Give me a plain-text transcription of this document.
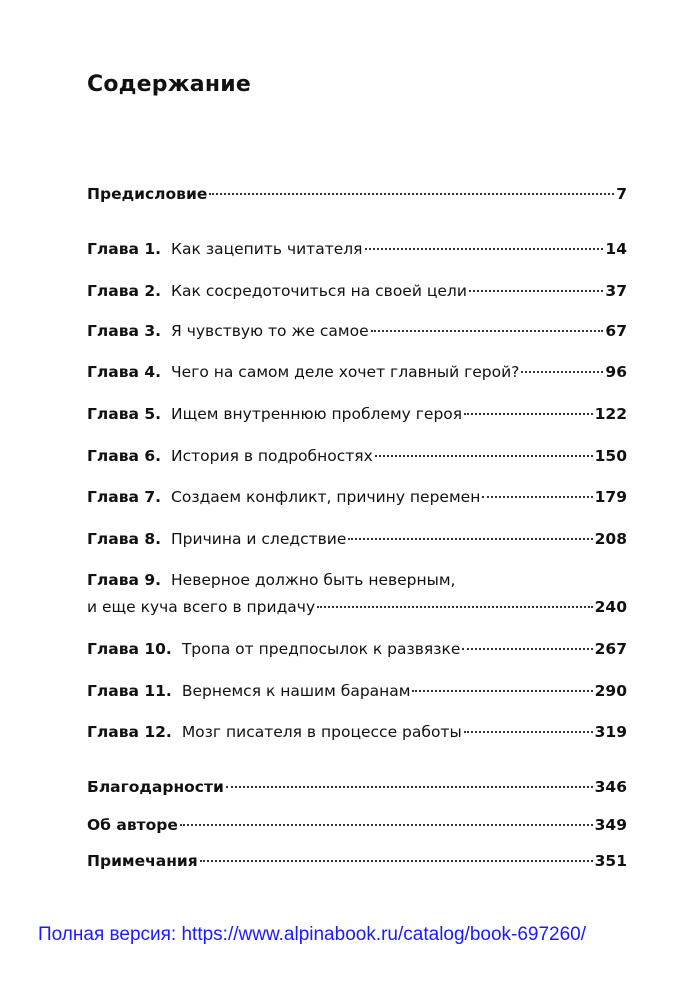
Содержание
Предисловие	7
Глава 1. Как зацепить читателя	14
Глава 2. Как сосредоточиться на своей цели	37
Глава 3. Я чувствую то же самое	67
Глава 4. Чего на самом деле хочет главный герой?	96
Глава 5. Ищем внутреннюю проблему героя	122
Глава 6. История в подробностях	150
Глава 7. Создаем конфликт, причину перемен	179
Глава 8. Причина и следствие	208
Глава 9. Неверное должно быть неверным,
и еще куча всего в придачу	240
Глава 10. Тропа от предпосылок к развязке	267
Глава 11. Вернемся к нашим баранам	290
Глава 12. Мозг писателя в процессе работы	319
Благодарности	346
Об авторе	349
Примечания	351
Полная версия: https://www.alpinabook.ru/catalog/book-697260/
